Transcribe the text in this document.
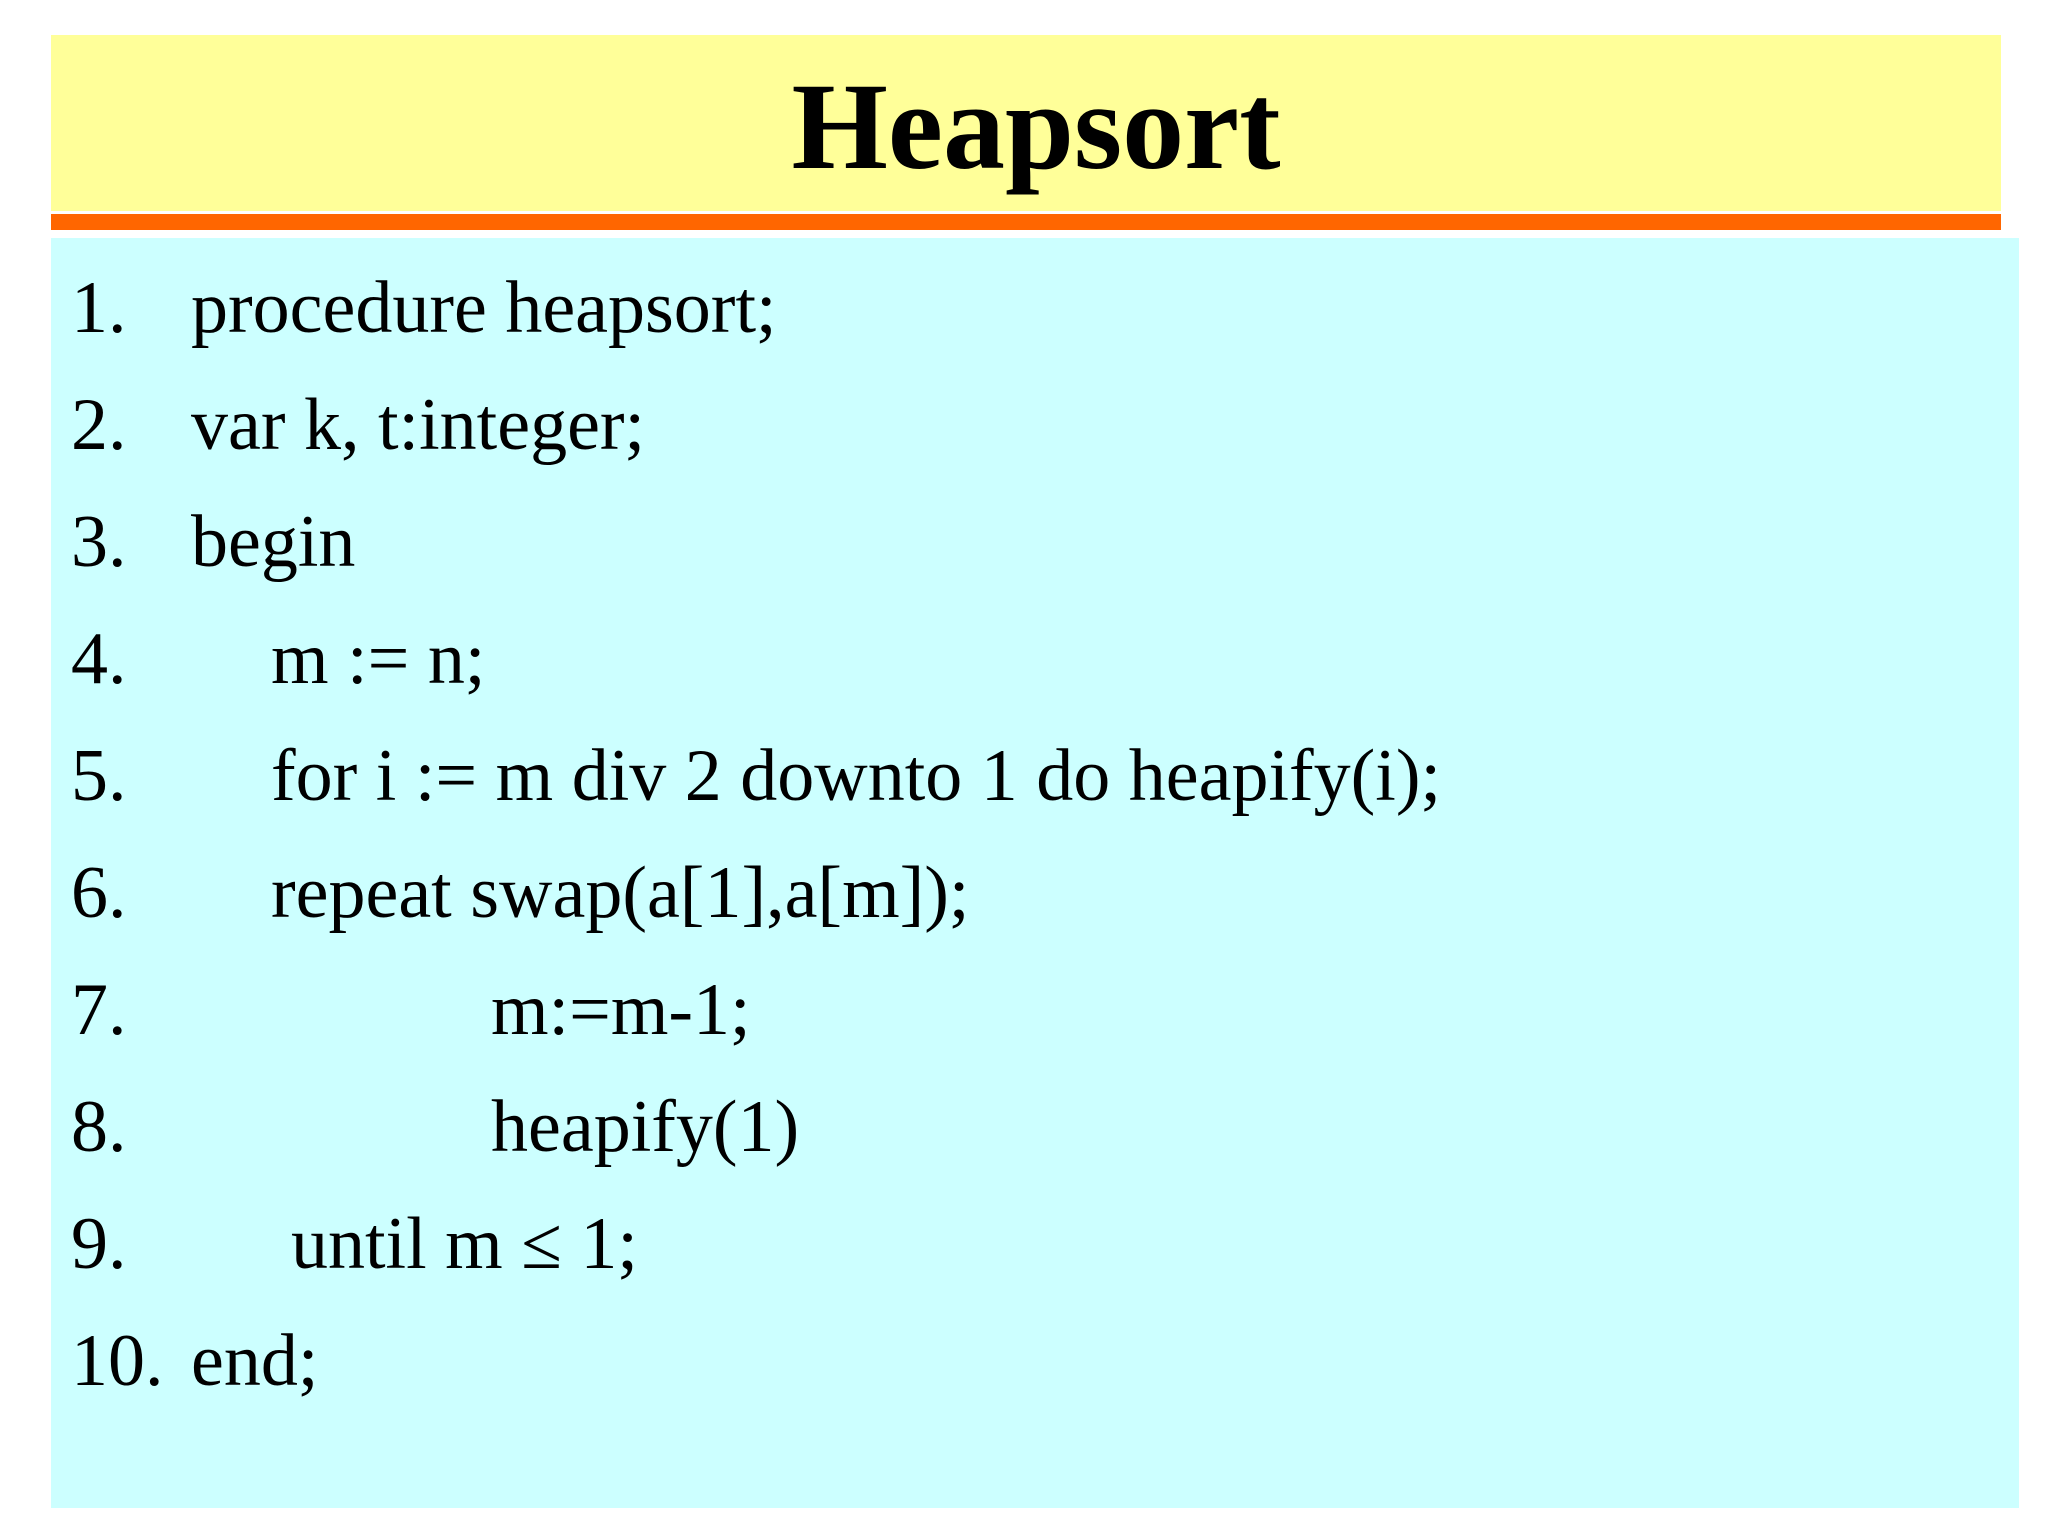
Heapsort
1. procedure heapsort;
2. var k, t:integer;
3. begin
4.	m := n;
5.	for i := m div 2 downto 1 do heapify(i);
6.	repeat swap(a[1],a[m]);
7.	m:=m-1;
8.	heapify(1)
9.	until m ≤ 1;
10. end;
